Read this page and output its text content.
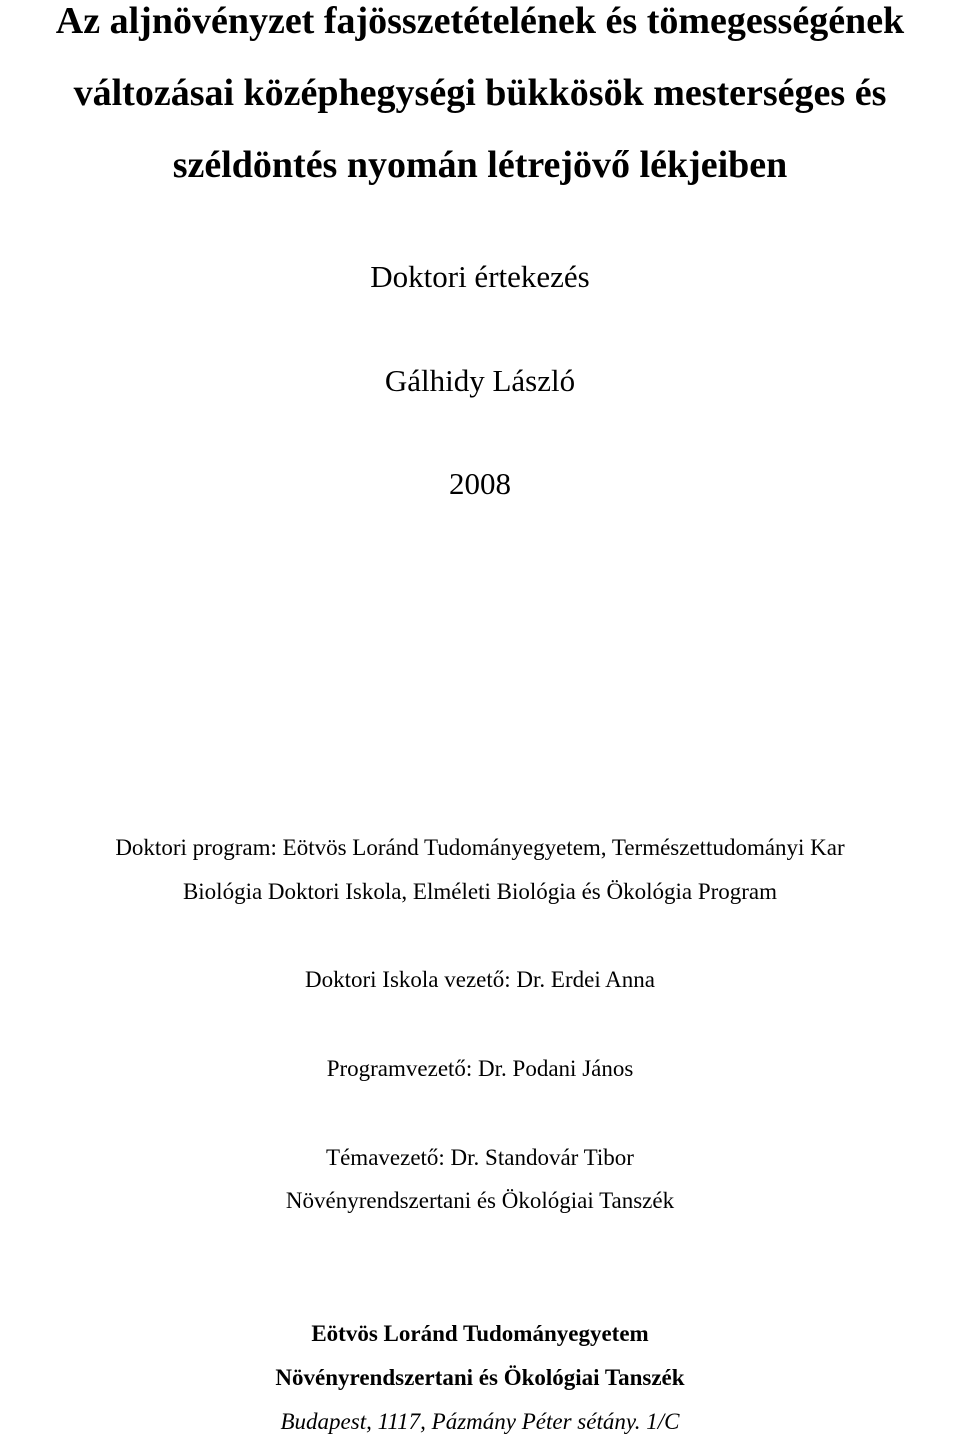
Az aljnövényzet fajösszetételének és tömegességének
változásai középhegységi bükkösök mesterséges és
széldöntés nyomán létrejövő lékjeiben
Doktori értekezés
Gálhidy László
2008
Doktori program: Eötvös Loránd Tudományegyetem, Természettudományi Kar
Biológia Doktori Iskola, Elméleti Biológia és Ökológia Program
Doktori Iskola vezető: Dr. Erdei Anna
Programvezető: Dr. Podani János
Témavezető: Dr. Standovár Tibor
Növényrendszertani és Ökológiai Tanszék
Eötvös Loránd Tudományegyetem
Növényrendszertani és Ökológiai Tanszék
Budapest, 1117, Pázmány Péter sétány. 1/C
